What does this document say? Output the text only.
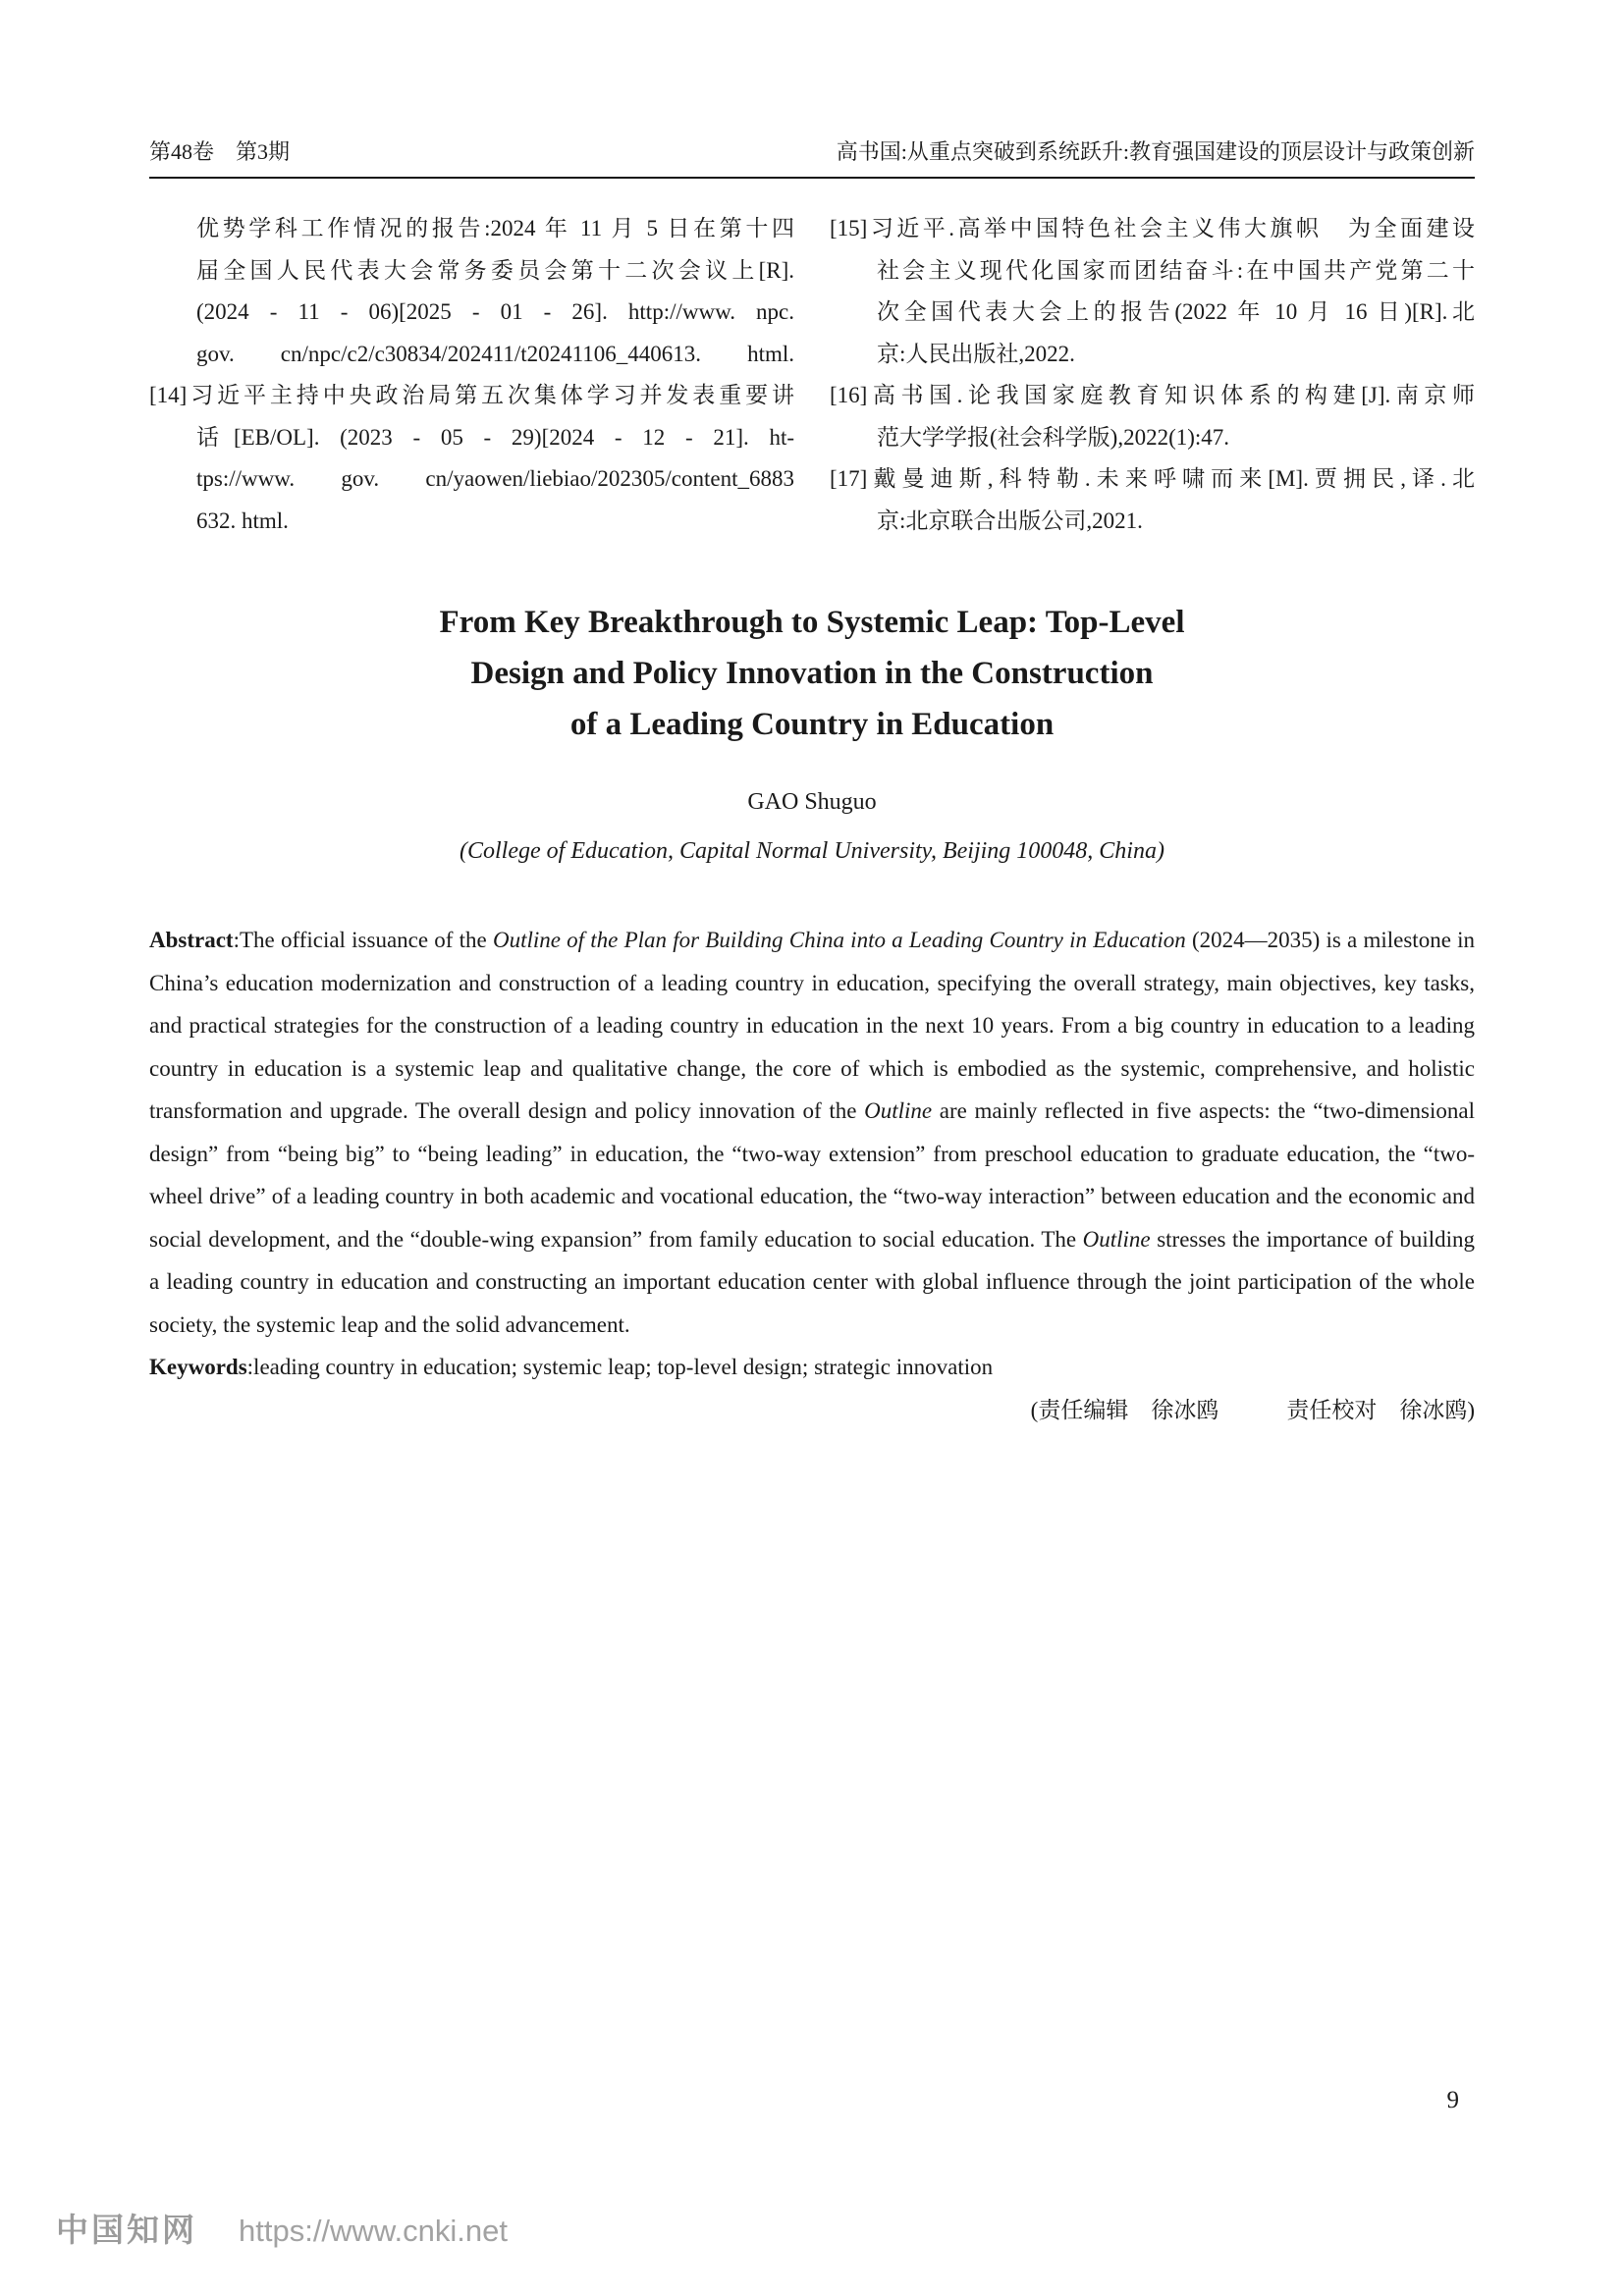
第48卷　第3期	高书国:从重点突破到系统跃升:教育强国建设的顶层设计与政策创新
优势学科工作情况的报告:2024 年 11 月 5 日在第十四
届全国人民代表大会常务委员会第十二次会议上[R].
(2024 - 11 - 06)[2025 - 01 - 26]. http://www. npc.
gov. cn/npc/c2/c30834/202411/t20241106_440613. html.
[14]习近平主持中央政治局第五次集体学习并发表重要讲
话[EB/OL]. (2023 - 05 - 29)[2024 - 12 - 21]. ht-
tps://www. gov. cn/yaowen/liebiao/202305/content_6883
632. html.
[15]习近平.高举中国特色社会主义伟大旗帜　为全面建设
社会主义现代化国家而团结奋斗:在中国共产党第二十
次全国代表大会上的报告(2022 年 10 月 16 日)[R].北
京:人民出版社,2022.
[16]高书国.论我国家庭教育知识体系的构建[J].南京师
范大学学报(社会科学版),2022(1):47.
[17]戴曼迪斯,科特勒.未来呼啸而来[M].贾拥民,译.北
京:北京联合出版公司,2021.
From Key Breakthrough to Systemic Leap: Top-Level
Design and Policy Innovation in the Construction
of a Leading Country in Education
GAO Shuguo
(College of Education, Capital Normal University, Beijing 100048, China)
Abstract:The official issuance of the Outline of the Plan for Building China into a Leading Country in Education (2024—2035) is a milestone in China’s education modernization and construction of a leading country in education, specifying the overall strategy, main objectives, key tasks, and practical strategies for the construction of a leading country in education in the next 10 years. From a big country in education to a leading country in education is a systemic leap and qualitative change, the core of which is embodied as the systemic, comprehensive, and holistic transformation and upgrade. The overall design and policy innovation of the Outline are mainly reflected in five aspects: the “two-dimensional design” from “being big” to “being leading” in education, the “two-way extension” from preschool education to graduate education, the “two-wheel drive” of a leading country in both academic and vocational education, the “two-way interaction” between education and the economic and social development, and the “double-wing expansion” from family education to social education. The Outline stresses the importance of building a leading country in education and constructing an important education center with global influence through the joint participation of the whole society, the systemic leap and the solid advancement.
Keywords:leading country in education; systemic leap; top-level design; strategic innovation
(责任编辑　徐冰鸥　　　责任校对　徐冰鸥)
9
中国知网 https://www.cnki.net
